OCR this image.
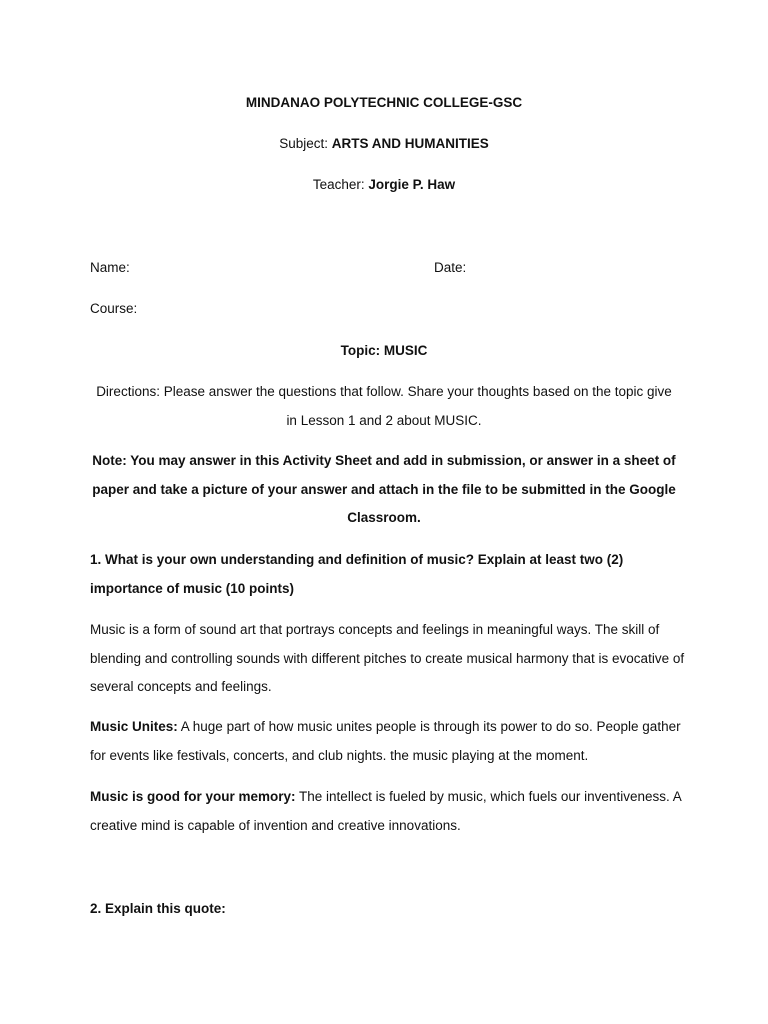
MINDANAO POLYTECHNIC COLLEGE-GSC
Subject: ARTS AND HUMANITIES
Teacher: Jorgie P. Haw
Name:	Date:
Course:
Topic: MUSIC
Directions: Please answer the questions that follow. Share your thoughts based on the topic give in Lesson 1 and 2 about MUSIC.
Note: You may answer in this Activity Sheet and add in submission, or answer in a sheet of paper and take a picture of your answer and attach in the file to be submitted in the Google Classroom.
1. What is your own understanding and definition of music? Explain at least two (2) importance of music (10 points)
Music is a form of sound art that portrays concepts and feelings in meaningful ways. The skill of blending and controlling sounds with different pitches to create musical harmony that is evocative of several concepts and feelings.
Music Unites: A huge part of how music unites people is through its power to do so. People gather for events like festivals, concerts, and club nights. the music playing at the moment.
Music is good for your memory: The intellect is fueled by music, which fuels our inventiveness. A creative mind is capable of invention and creative innovations.
2. Explain this quote:
